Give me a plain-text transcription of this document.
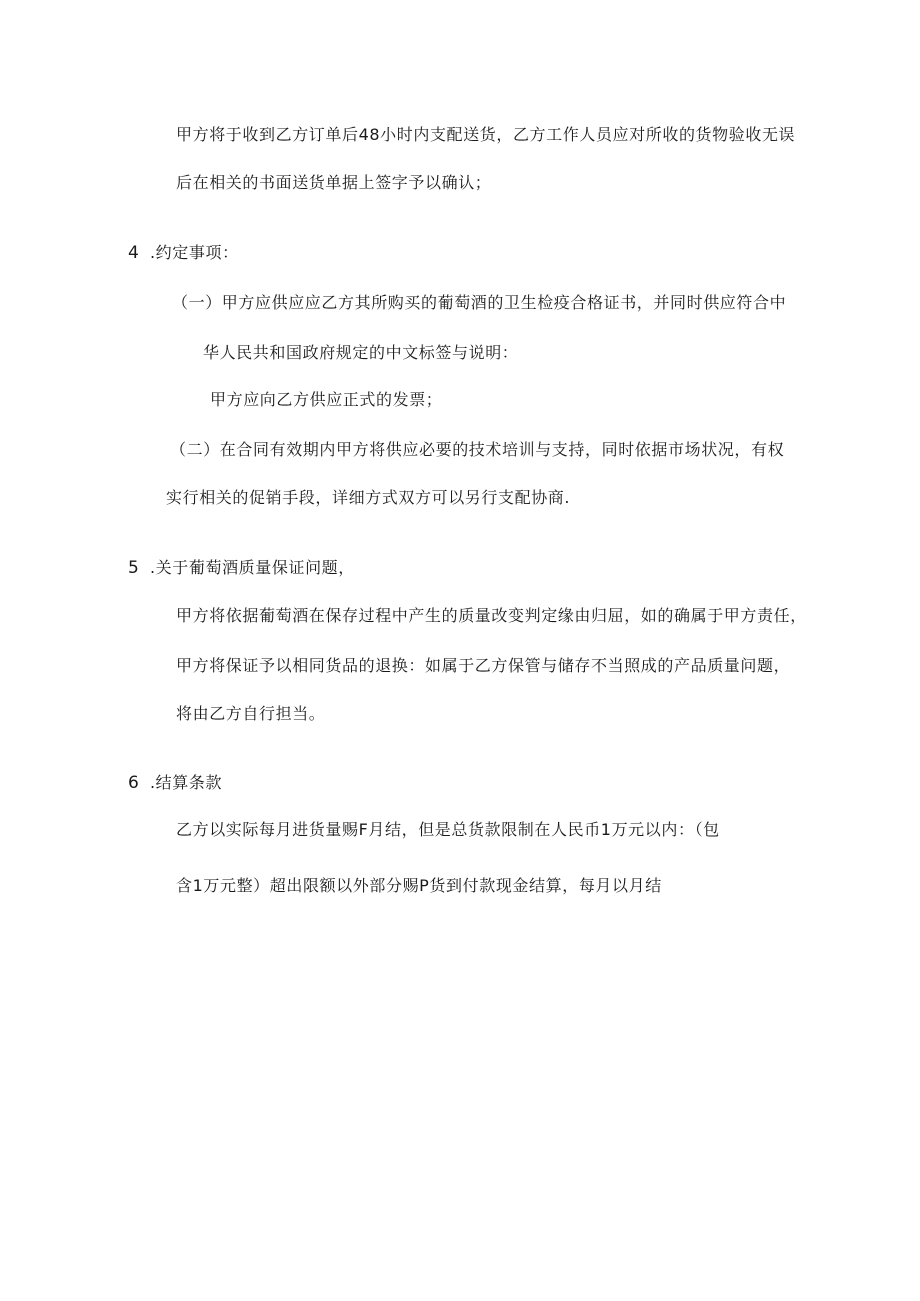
甲方将于收到乙方订单后48小时内支配送货，乙方工作人员应对所收的货物验收无误
后在相关的书面送货单据上签字予以确认；
4 .约定事项：
（一）甲方应供应应乙方其所购买的葡萄酒的卫生检疫合格证书，并同时供应符合中
华人民共和国政府规定的中文标签与说明：
甲方应向乙方供应正式的发票；
（二）在合同有效期内甲方将供应必要的技术培训与支持，同时依据市场状况，有权
实行相关的促销手段，详细方式双方可以另行支配协商.
5 .关于葡萄酒质量保证问题，
甲方将依据葡萄酒在保存过程中产生的质量改变判定缘由归屈，如的确属于甲方责任，
甲方将保证予以相同货品的退换：如属于乙方保管与储存不当照成的产品质量问题，
将由乙方自行担当。
6 .结算条款
乙方以实际每月进货量赐F月结，但是总货款限制在人民币1万元以内：（包
含1万元整）超出限额以外部分赐P货到付款现金结算，每月以月结
